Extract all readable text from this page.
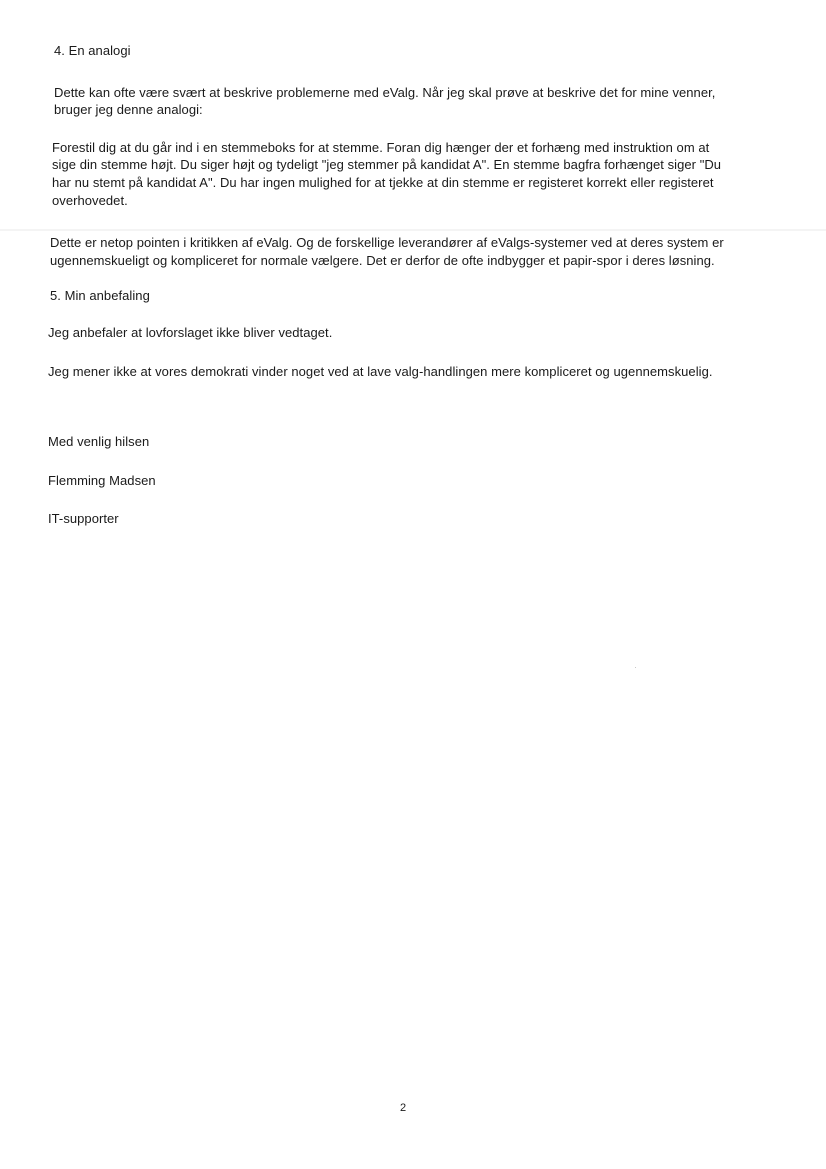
4. En analogi
Dette kan ofte være svært at beskrive problemerne med eValg. Når jeg skal prøve at beskrive det for mine venner,
bruger jeg denne analogi:
Forestil dig at du går ind i en stemmeboks for at stemme. Foran dig hænger der et forhæng med instruktion om at
sige din stemme højt. Du siger højt og tydeligt "jeg stemmer på kandidat A". En stemme bagfra forhænget siger "Du
har nu stemt på kandidat A". Du har ingen mulighed for at tjekke at din stemme er registeret korrekt eller registeret
overhovedet.
Dette er netop pointen i kritikken af eValg. Og de forskellige leverandører af eValgs-systemer ved at deres system er
ugennemskueligt og kompliceret for normale vælgere. Det er derfor de ofte indbygger et papir-spor i deres løsning.
5. Min anbefaling
Jeg anbefaler at lovforslaget ikke bliver vedtaget.
Jeg mener ikke at vores demokrati vinder noget ved at lave valg-handlingen mere kompliceret og ugennemskuelig.
Med venlig hilsen
Flemming Madsen
IT-supporter
2
